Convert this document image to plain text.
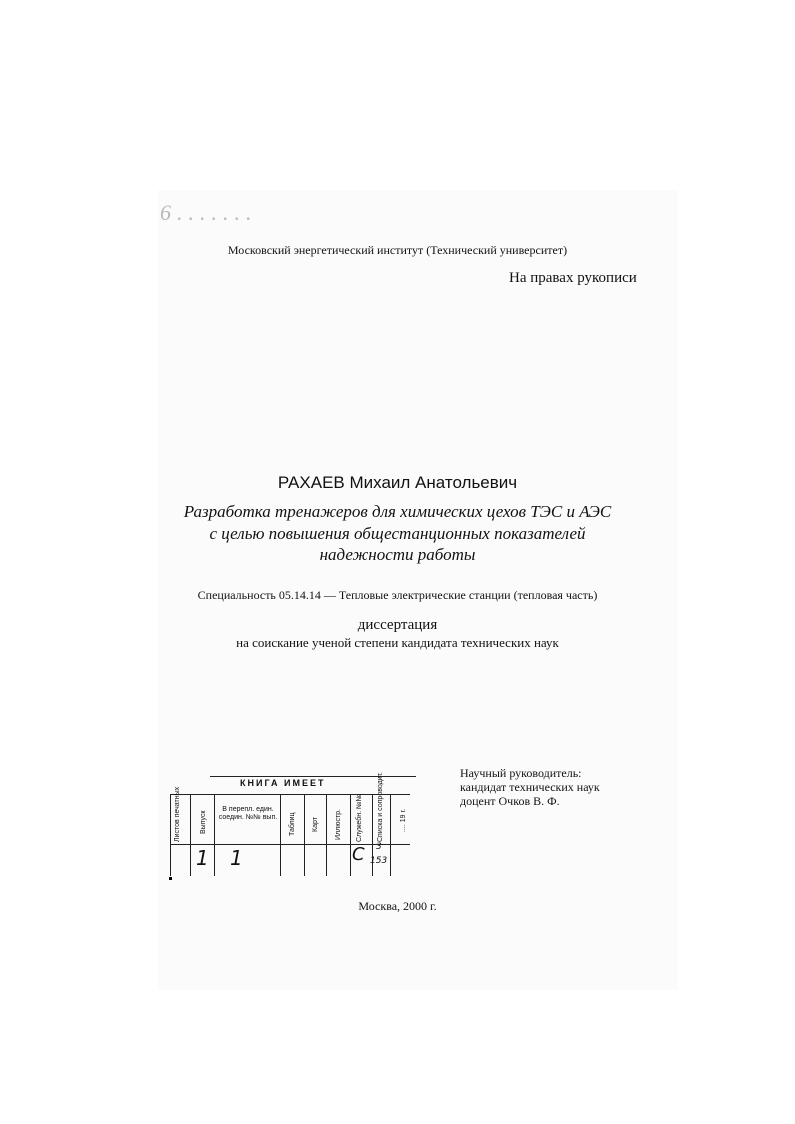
6.......
Московский энергетический институт (Технический университет)
На правах рукописи
РАХАЕВ Михаил Анатольевич
Разработка тренажеров для химических цехов ТЭС и АЭС
с целью повышения общестанционных показателей
надежности работы
Специальность 05.14.14 — Тепловые электрические станции (тепловая часть)
диссертация
на соискание ученой степени кандидата технических наук
Научный руководитель:
кандидат технических наук
доцент Очков В. Ф.
КНИГА ИМЕЕТ
Листов печатных	Выпуск
В перепл. един. соедин. №№ вып. Таблиц Карт Иллюстр. Служебн. №№ Списка и сопроводит. .... 19 г.
1 1	C 3
153
Москва, 2000 г.
